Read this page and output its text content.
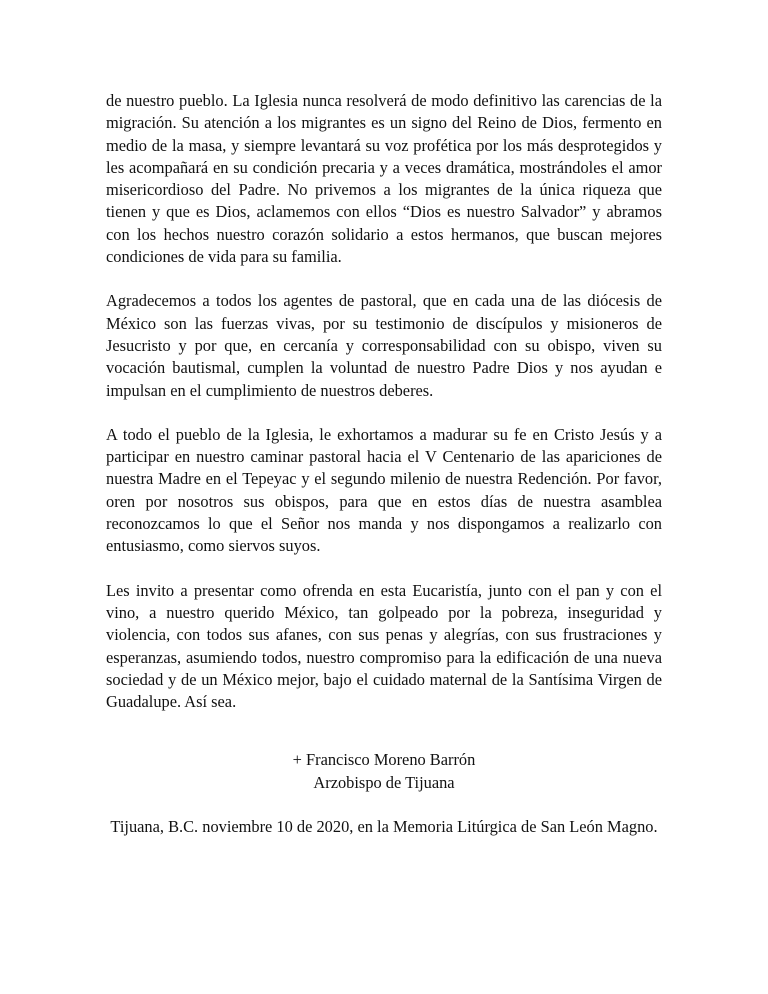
de nuestro pueblo. La Iglesia nunca resolverá de modo definitivo las carencias de la migración. Su atención a los migrantes es un signo del Reino de Dios, fermento en medio de la masa, y siempre levantará su voz profética por los más desprotegidos y les acompañará en su condición precaria y a veces dramática, mostrándoles el amor misericordioso del Padre. No privemos a los migrantes de la única riqueza que tienen y que es Dios, aclamemos con ellos “Dios es nuestro Salvador” y abramos con los hechos nuestro corazón solidario a estos hermanos, que buscan mejores condiciones de vida para su familia.

Agradecemos a todos los agentes de pastoral, que en cada una de las diócesis de México son las fuerzas vivas, por su testimonio de discípulos y misioneros de Jesucristo y por que, en cercanía y corresponsabilidad con su obispo, viven su vocación bautismal, cumplen la voluntad de nuestro Padre Dios y nos ayudan e impulsan en el cumplimiento de nuestros deberes.

A todo el pueblo de la Iglesia, le exhortamos a madurar su fe en Cristo Jesús y a participar en nuestro caminar pastoral hacia el V Centenario de las apariciones de nuestra Madre en el Tepeyac y el segundo milenio de nuestra Redención. Por favor, oren por nosotros sus obispos, para que en estos días de nuestra asamblea reconozcamos lo que el Señor nos manda y nos dispongamos a realizarlo con entusiasmo, como siervos suyos.

Les invito a presentar como ofrenda en esta Eucaristía, junto con el pan y con el vino, a nuestro querido México, tan golpeado por la pobreza, inseguridad y violencia, con todos sus afanes, con sus penas y alegrías, con sus frustraciones y esperanzas, asumiendo todos, nuestro compromiso para la edificación de una nueva sociedad y de un México mejor, bajo el cuidado maternal de la Santísima Virgen de Guadalupe. Así sea.

+ Francisco Moreno Barrón
Arzobispo de Tijuana
Tijuana, B.C. noviembre 10 de 2020, en la Memoria Litúrgica de San León Magno.
